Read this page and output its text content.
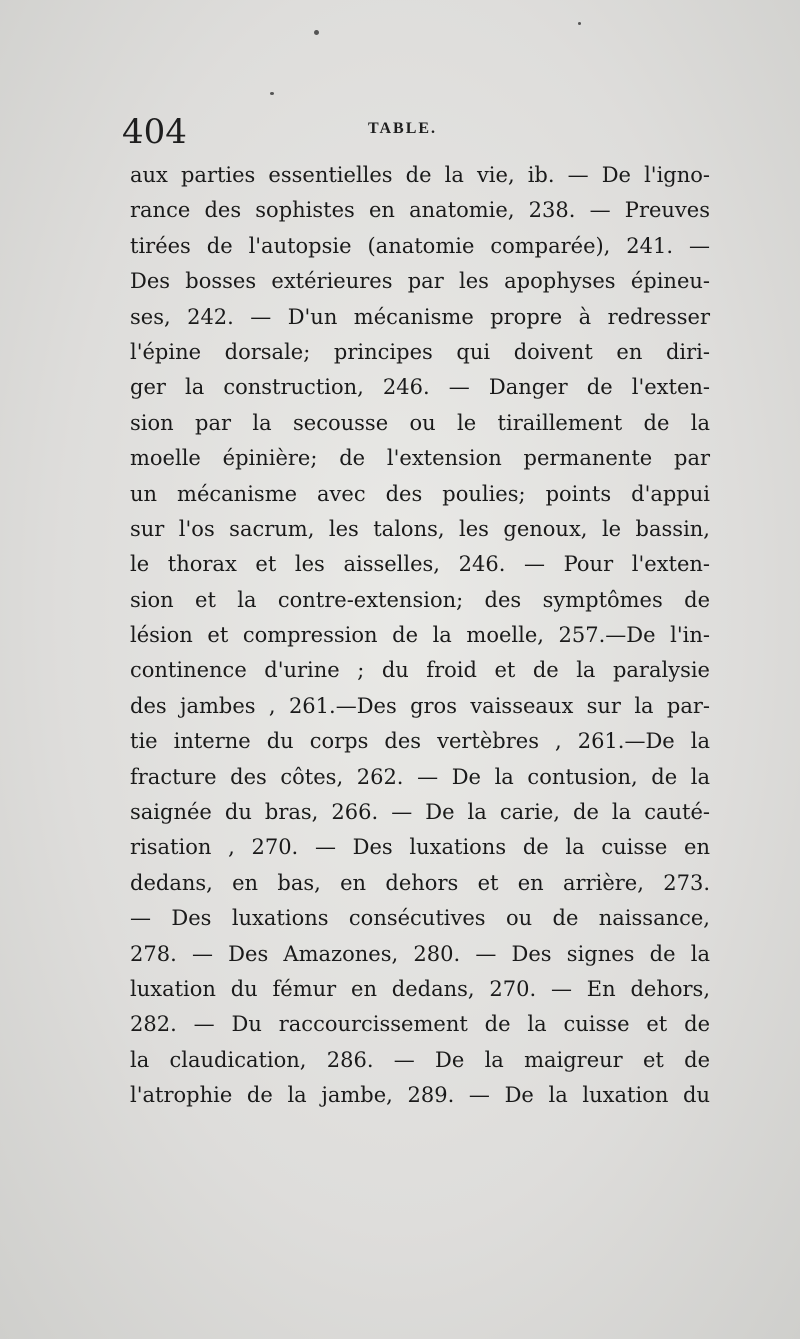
404	TABLE.
aux parties essentielles de la vie, ib. — De l'igno-
rance des sophistes en anatomie, 238. — Preuves
tirées de l'autopsie (anatomie comparée), 241. —
Des bosses extérieures par les apophyses épineu-
ses, 242. — D'un mécanisme propre à redresser
l'épine dorsale; principes qui doivent en diri-
ger la construction, 246. — Danger de l'exten-
sion par la secousse ou le tiraillement de la
moelle épinière; de l'extension permanente par
un mécanisme avec des poulies; points d'appui
sur l'os sacrum, les talons, les genoux, le bassin,
le thorax et les aisselles, 246. — Pour l'exten-
sion et la contre-extension; des symptômes de
lésion et compression de la moelle, 257.—De l'in-
continence d'urine ; du froid et de la paralysie
des jambes , 261.—Des gros vaisseaux sur la par-
tie interne du corps des vertèbres , 261.—De la
fracture des côtes, 262. — De la contusion, de la
saignée du bras, 266. — De la carie, de la cauté-
risation , 270. — Des luxations de la cuisse en
dedans, en bas, en dehors et en arrière, 273.
— Des luxations consécutives ou de naissance,
278. — Des Amazones, 280. — Des signes de la
luxation du fémur en dedans, 270. — En dehors,
282. — Du raccourcissement de la cuisse et de
la claudication, 286. — De la maigreur et de
l'atrophie de la jambe, 289. — De la luxation du
